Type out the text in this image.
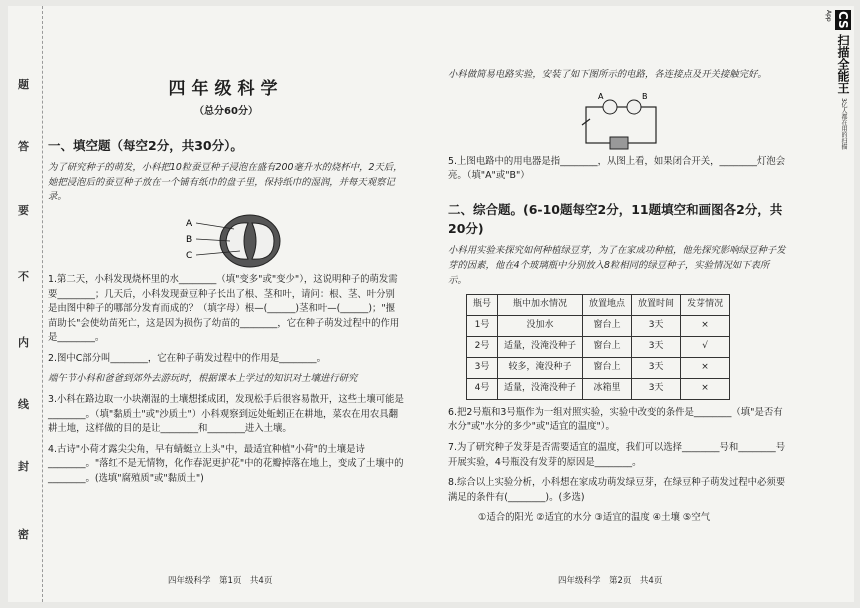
题
答
要
不
内
线
封
密
四年级科学
（总分60分）
一、填空题（每空2分，共30分）。

为了研究种子的萌发，小科把10粒蚕豆种子浸泡在盛有200毫升水的烧杯中，2天后，她把浸泡后的蚕豆种子放在一个铺有纸巾的盘子里，保持纸巾的湿润，并每天观察记录。

A
B
C

1.第二天，小科发现烧杯里的水________（填"变多"或"变少"），这说明种子的萌发需要________；几天后，小科发现蚕豆种子长出了根、茎和叶，请问：根、茎、叶分别是由图中种子的哪部分发育而成的？（填字母）根—(______)茎和叶—(______)；"揠苗助长"会使幼苗死亡，这是因为损伤了幼苗的________，它在种子萌发过程中的作用是________。

2.图中C部分叫________，它在种子萌发过程中的作用是________。

端午节小科和爸爸到郊外去游玩时，根据课本上学过的知识对土壤进行研究

3.小科在路边取一小块潮湿的土壤想揉成团，发现松手后很容易散开，这些土壤可能是________。（填"黏质土"或"沙质土"）小科观察到远处蚯蚓正在耕地，菜农在用农具翻耕土地，这样做的目的是让________和________进入土壤。

4.古诗"小荷才露尖尖角，早有蜻蜓立上头"中，最适宜种植"小荷"的土壤是诗________。"落红不是无情物，化作春泥更护花"中的花瓣掉落在地上，变成了土壤中的________。(选填"腐殖质"或"黏质土")

四年级科学　第1页　共4页

小科做简易电路实验，安装了如下图所示的电路，各连接点及开关接触完好。

A	B

5.上图电路中的用电器是指________，从图上看，如果闭合开关，________灯泡会亮。（填"A"或"B"）

二、综合题。(6-10题每空2分，11题填空和画图各2分，共20分)

小科用实验来探究如何种植绿豆芽，为了在家成功种植，他先探究影响绿豆种子发芽的因素，他在4个玻璃瓶中分别放入8粒相同的绿豆种子，实验情况如下表所示。

瓶号	瓶中加水情况	放置地点	放置时间	发芽情况
1号	没加水	窗台上	3天	×
2号	适量，没淹没种子	窗台上	3天	√
3号	较多，淹没种子	窗台上	3天	×
4号	适量，没淹没种子	冰箱里	3天	×

6.把2号瓶和3号瓶作为一组对照实验，实验中改变的条件是________（填"是否有水分"或"水分的多少"或"适宜的温度"）。

7.为了研究种子发芽是否需要适宜的温度，我们可以选择________号和________号开展实验，4号瓶没有发芽的原因是________。

8.综合以上实验分析，小科想在家成功萌发绿豆芽，在绿豆种子萌发过程中必须要满足的条件有(________)。(多选)

①适合的阳光 ②适宜的水分 ③适宜的温度 ④土壤 ⑤空气

四年级科学　第2页　共4页
CS 扫描全能王 3亿人都在用的扫描App
